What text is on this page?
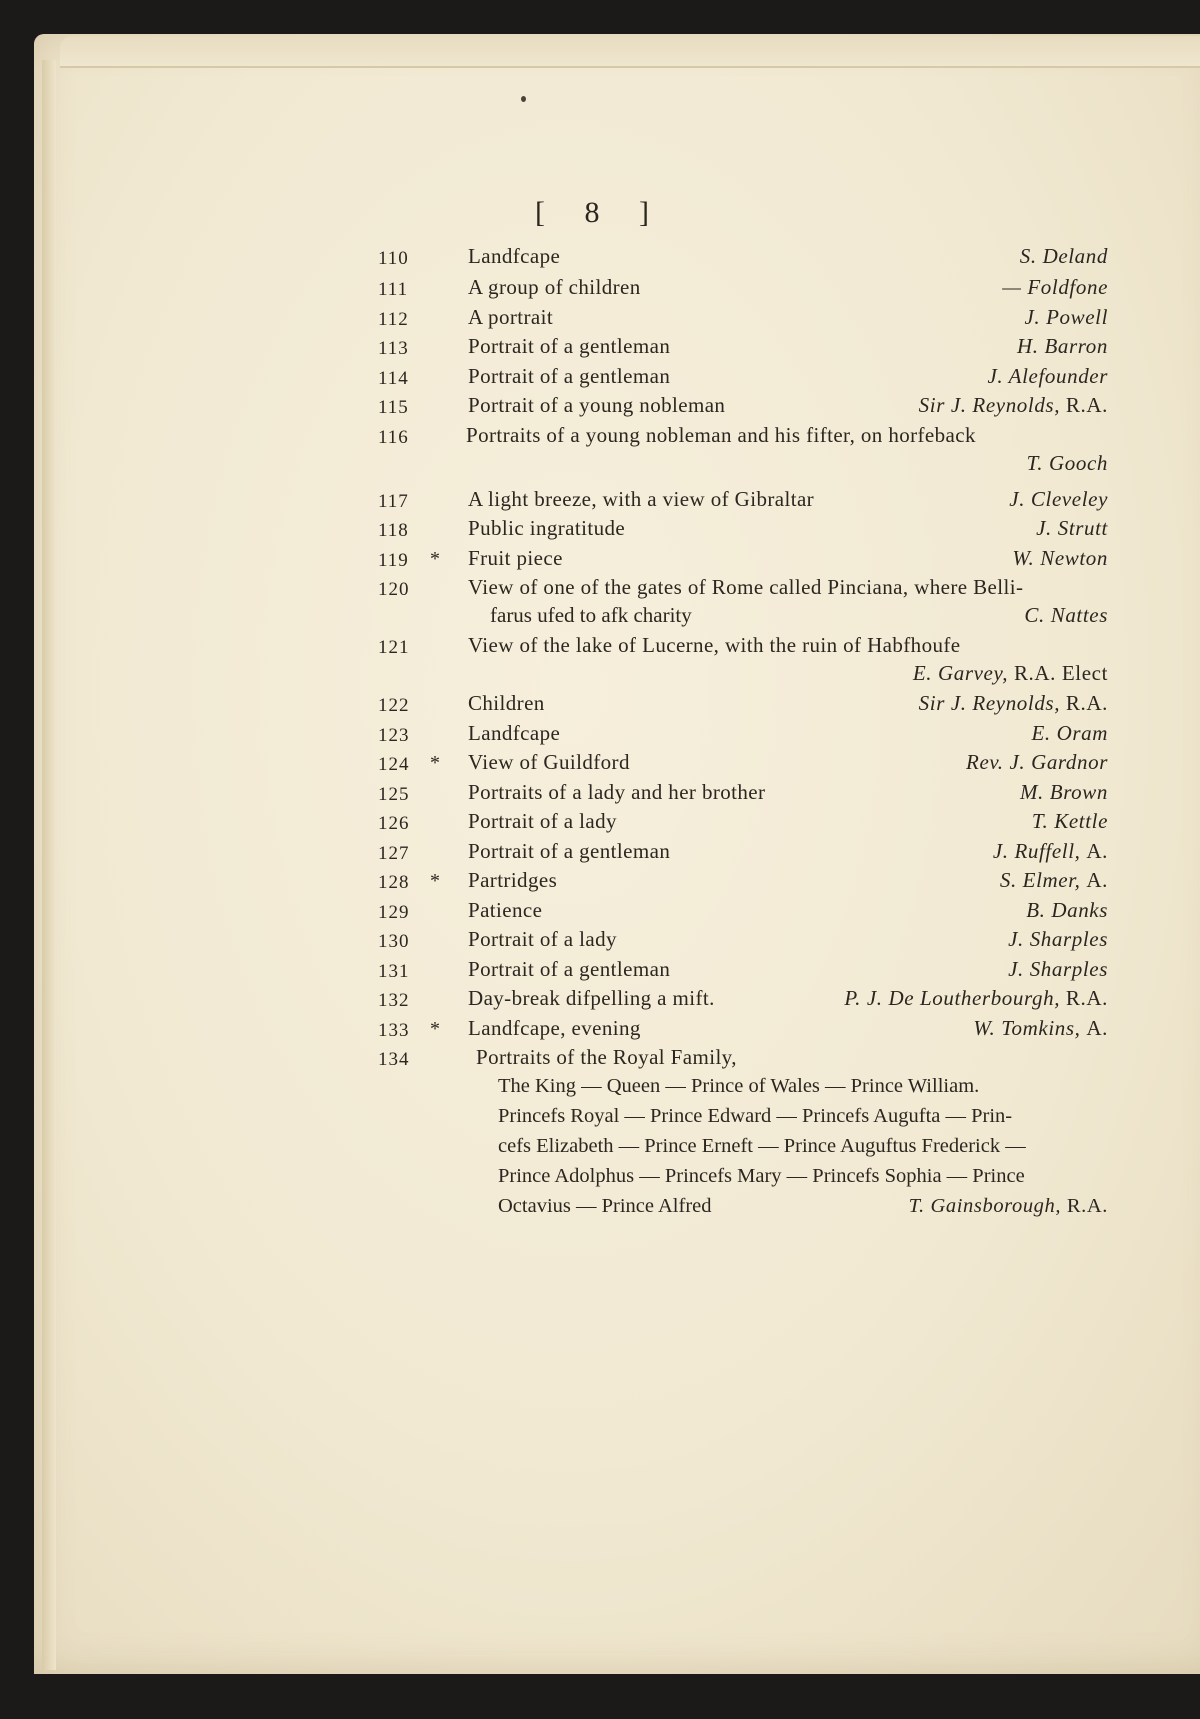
[ 8 ]
110	Landfcape	S. Deland
111	A group of children	— Foldfone
112	A portrait	J. Powell
113	Portrait of a gentleman	H. Barron
114	Portrait of a gentleman	J. Alefounder
115	Portrait of a young nobleman	Sir J. Reynolds, R.A.
116	Portraits of a young nobleman and his fifter, on horfeback
T. Gooch
117	A light breeze, with a view of Gibraltar	J. Cleveley
118	Public ingratitude	J. Strutt
119	* Fruit piece	W. Newton
120	View of one of the gates of Rome called Pinciana, where Belli-
farus ufed to afk charity	C. Nattes
121	View of the lake of Lucerne, with the ruin of Habfhoufe
E. Garvey, R.A. Elect
122	Children	Sir J. Reynolds, R.A.
123	Landfcape	E. Oram
124	* View of Guildford	Rev. J. Gardnor
125	Portraits of a lady and her brother	M. Brown
126	Portrait of a lady	T. Kettle
127	Portrait of a gentleman	J. Ruffell, A.
128	* Partridges	S. Elmer, A.
129	Patience	B. Danks
130	Portrait of a lady	J. Sharples
131	Portrait of a gentleman	J. Sharples
132	Day-break difpelling a mift.	P. J. De Loutherbourgh, R.A.
133	* Landfcape, evening	W. Tomkins, A.
134	Portraits of the Royal Family,
The King — Queen — Prince of Wales — Prince William.
Princefs Royal — Prince Edward — Princefs Augufta — Prin-
cefs Elizabeth — Prince Erneft — Prince Auguftus Frederick —
Prince Adolphus — Princefs Mary — Princefs Sophia — Prince
Octavius — Prince Alfred	T. Gainsborough, R.A.
